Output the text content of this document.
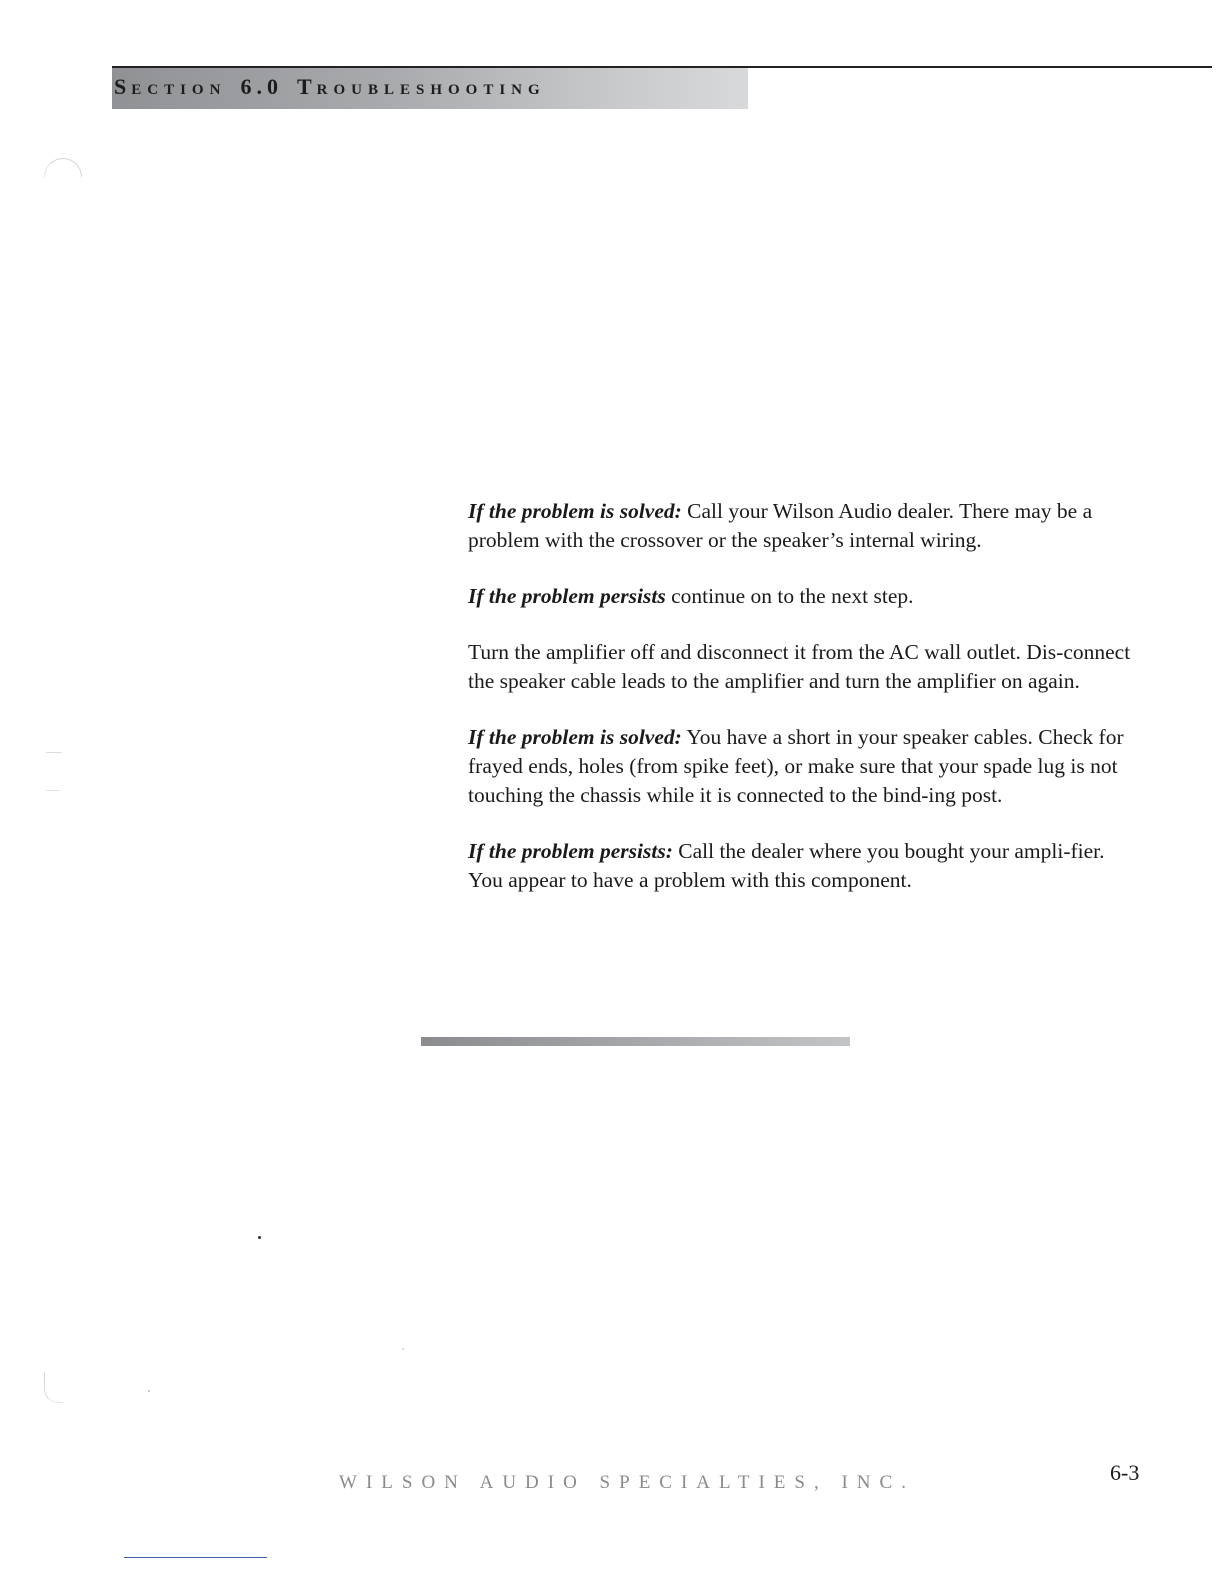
SECTION 6.0 TROUBLESHOOTING

If the problem is solved: Call your Wilson Audio dealer. There may be a problem with the crossover or the speaker’s internal wiring.

If the problem persists continue on to the next step.

Turn the amplifier off and disconnect it from the AC wall outlet. Dis-connect the speaker cable leads to the amplifier and turn the amplifier on again.

If the problem is solved: You have a short in your speaker cables. Check for frayed ends, holes (from spike feet), or make sure that your spade lug is not touching the chassis while it is connected to the bind-ing post.

If the problem persists: Call the dealer where you bought your ampli-fier. You appear to have a problem with this component.

WILSON AUDIO SPECIALTIES, INC.	6-3
